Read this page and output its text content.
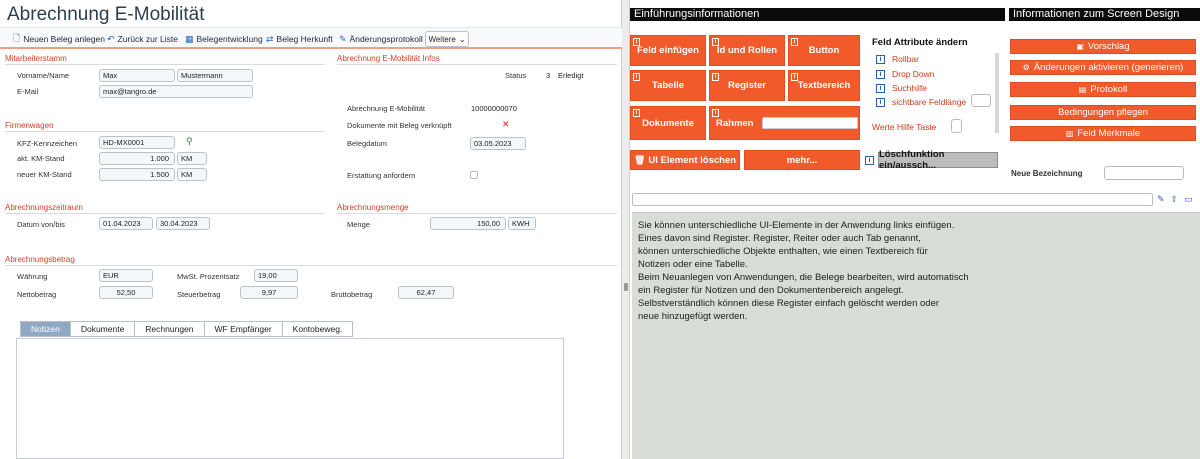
Abrechnung E-Mobilität
🗋 Neuen Beleg anlegen ↶ Zurück zur Liste ▦ Belegentwicklung ⇄ Beleg Herkunft ✎ Änderungsprotokoll Weitere ⌄
Mitarbeiterstamm
Vorname/Name	Max	Mustermann
E-Mail	max@tangro.de
Abrechnung E-Mobilität Infos
Status	3 Erledigt
Abrechnung E-Mobilität	10000000070
Dokumente mit Beleg verknüpft	✕
Belegdatum	03.05.2023
Erstattung anfordern
Firmenwagen
KFZ-Kennzeichen	HD-MX0001	⚲
akt. KM-Stand	1.000	KM
neuer KM-Stand	1.500	KM
Abrechnungszeitraum
Datum von/bis	01.04.2023	30.04.2023
Abrechnungsmenge
Menge	150,00	KWH
Abrechnungsbetrag
Währung	EUR	MwSt. Prozentsatz	19,00
Nettobetrag	52,50	Steuerbetrag	9,97	Bruttobetrag	62,47
Notizen	Dokumente	Rechnungen	WF Empfänger	Kontobeweg.
Einführungsinformationen	Informationen zum Screen Design
i
Feld einfügen
i
Id und Rollen
i
Button
i
Tabelle
i
Register
i
Textbereich
i
Dokumente
i
Rahmen
🗑 UI Element löschen	mehr...	i
Löschfunktion ein/aussch...
Feld Attribute ändern
i	Rollbar
i	Drop Down
i	Suchhilfe
i	sichtbare Feldlänge
Werte Hilfe Taste
▣ Vorschlag
⚙ Änderungen aktivieren (generieren)
▤ Protokoll
Bedingungen pflegen
▥ Feld Merkmale
Neue Bezeichnung
✎ ⇪ ▭

Sie können unterschiedliche UI-Elemente in der Anwendung links einfügen.

Eines davon sind Register. Register, Reiter oder auch Tab genannt,

können unterschiedliche Objekte enthalten, wie einen Textbereich für

Notizen oder eine Tabelle.

Beim Neuanlegen von Anwendungen, die Belege bearbeiten, wird automatisch

ein Register für Notizen und den Dokumentenbereich angelegt.

Selbstverständlich können diese Register einfach gelöscht werden oder

neue hinzugefügt werden.
